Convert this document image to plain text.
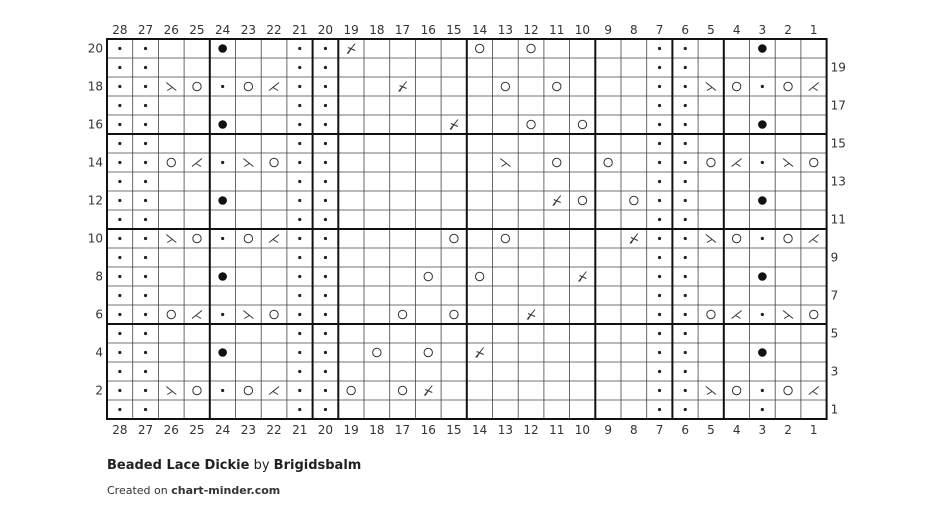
28
28
27
27
26
26
25
25
24
24
23
23
22
22
21
21
20
20
19
19
18
18
17
17
16
16
15
15
14
14
13
13
12
12
11
11
10
10
9
9
8
8
7
7
6
6
5
5
4
4
3
3
2
2
1
1
20
18
16
14
12
10
8
6
4
2
19
17
15
13
11
9
7
5
3
1
Beaded Lace Dickie by Brigidsbalm
Created on chart-minder.com
